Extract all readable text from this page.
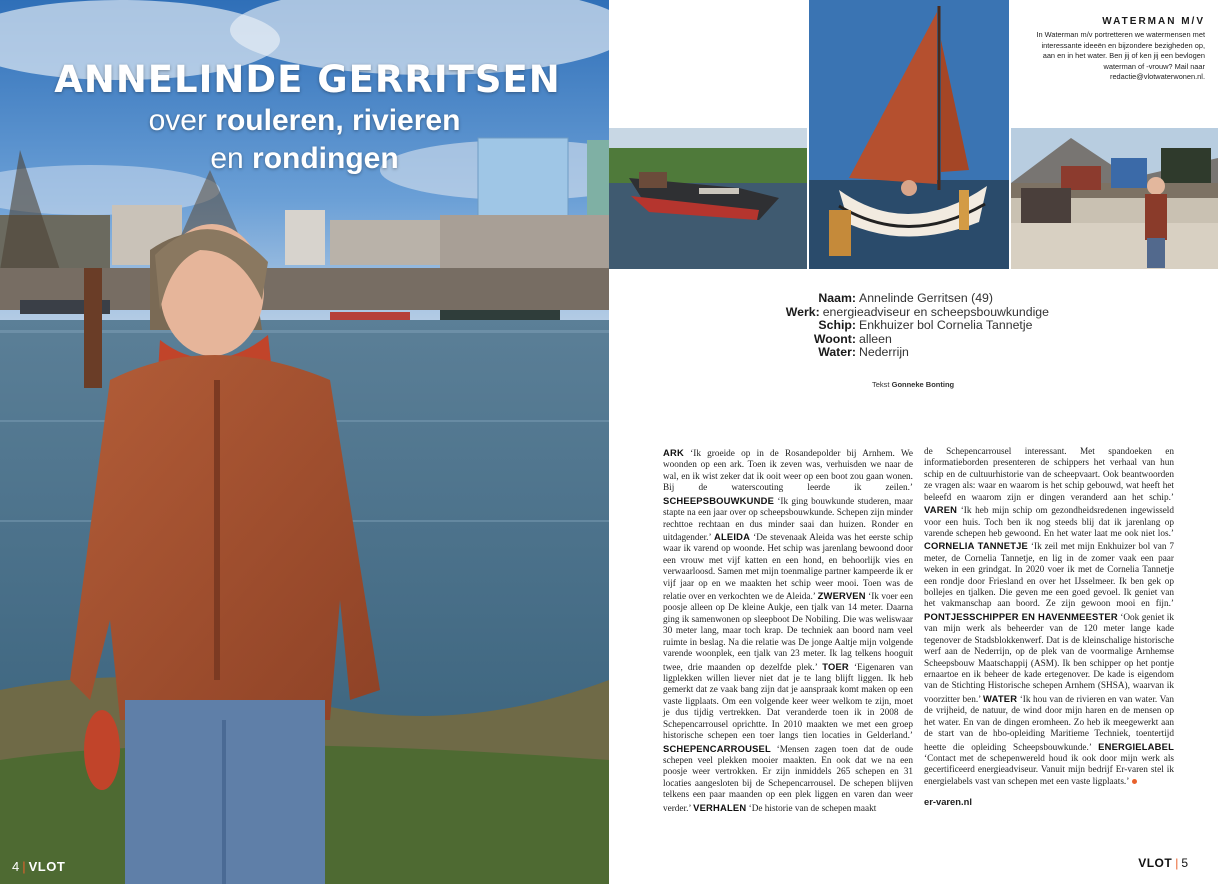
ANNELINDE GERRITSEN
over rouleren, rivieren
en rondingen
4 | VLOT
WATERMAN M/V
In Waterman m/v portretteren we watermensen met interessante ideeën en bijzondere bezigheden op, aan en in het water. Ben jij of ken jij een bevlogen waterman of -vrouw? Mail naar redactie@vlotwaterwonen.nl.
Naam: Annelinde Gerritsen (49)
Werk: energieadviseur en scheepsbouwkundige
Schip: Enkhuizer bol Cornelia Tannetje
Woont: alleen
Water: Nederrijn
Tekst Gonneke Bonting

ARK ‘Ik groeide op in de Rosandepolder bij Arnhem. We woonden op een ark. Toen ik zeven was, verhuisden we naar de wal, en ik wist zeker dat ik ooit weer op een boot zou gaan wonen. Bij de waterscouting leerde ik zeilen.’ SCHEEPSBOUWKUNDE ‘Ik ging bouwkunde studeren, maar stapte na een jaar over op scheepsbouwkunde. Schepen zijn minder rechttoe rechtaan en dus minder saai dan huizen. Ronder en uitdagender.’ ALEIDA ‘De stevenaak Aleida was het eerste schip waar ik varend op woonde. Het schip was jarenlang bewoond door een vrouw met vijf katten en een hond, en behoorlijk vies en verwaarloosd. Samen met mijn toenmalige partner kampeerde ik er vijf jaar op en we maakten het schip weer mooi. Toen was de relatie over en verkochten we de Aleida.’ ZWERVEN ‘Ik voer een poosje alleen op De kleine Aukje, een tjalk van 14 meter. Daarna ging ik samenwonen op sleepboot De Nobiling. Die was weliswaar 30 meter lang, maar toch krap. De techniek aan boord nam veel ruimte in beslag. Na die relatie was De jonge Aaltje mijn volgende varende woonplek, een tjalk van 23 meter. Ik lag telkens hooguit twee, drie maanden op dezelfde plek.’ TOER ‘Eigenaren van ligplekken willen liever niet dat je te lang blijft liggen. Ik heb gemerkt dat ze vaak bang zijn dat je aanspraak komt maken op een vaste ligplaats. Om een volgende keer weer welkom te zijn, moet je dus tijdig vertrekken. Dat veranderde toen ik in 2008 de Schepencarrousel oprichtte. In 2010 maakten we met een groep historische schepen een toer langs tien locaties in Gelderland.’ SCHEPENCARROUSEL ‘Mensen zagen toen dat de oude schepen veel plekken mooier maakten. En ook dat we na een poosje weer vertrokken. Er zijn inmiddels 265 schepen en 31 locaties aangesloten bij de Schepencarrousel. De schepen blijven telkens een paar maanden op een plek liggen en varen dan weer verder.’ VERHALEN ‘De historie van de schepen maakt

de Schepencarrousel interessant. Met spandoeken en informatieborden presenteren de schippers het verhaal van hun schip en de cultuurhistorie van de scheepvaart. Ook beantwoorden ze vragen als: waar en waarom is het schip gebouwd, wat heeft het beleefd en waarom zijn er dingen veranderd aan het schip.’ VAREN ‘Ik heb mijn schip om gezondheidsredenen ingewisseld voor een huis. Toch ben ik nog steeds blij dat ik jarenlang op varende schepen heb gewoond. En het water laat me ook niet los.’ CORNELIA TANNETJE ‘Ik zeil met mijn Enkhuizer bol van 7 meter, de Cornelia Tannetje, en lig in de zomer vaak een paar weken in een grindgat. In 2020 voer ik met de Cornelia Tannetje een rondje door Friesland en over het IJsselmeer. Ik ben gek op bollejes en tjalken. Die geven me een goed gevoel. Ik geniet van het vakmanschap aan boord. Ze zijn gewoon mooi en fijn.’ PONTJESSCHIPPER EN HAVENMEESTER ‘Ook geniet ik van mijn werk als beheerder van de 120 meter lange kade tegenover de Stadsblokkenwerf. Dat is de kleinschalige historische werf aan de Nederrijn, op de plek van de voormalige Arnhemse Scheepsbouw Maatschappij (ASM). Ik ben schipper op het pontje ernaartoe en ik beheer de kade ertegenover. De kade is eigendom van de Stichting Historische schepen Arnhem (SHSA), waarvan ik voorzitter ben.’ WATER ‘Ik hou van de rivieren en van water. Van de vrijheid, de natuur, de wind door mijn haren en de mensen op het water. En van de dingen eromheen. Zo heb ik meegewerkt aan de start van de hbo-opleiding Maritieme Techniek, toentertijd heette die opleiding Scheepsbouwkunde.’ ENERGIELABEL ‘Contact met de schepenwereld houd ik ook door mijn werk als gecertificeerd energieadviseur. Vanuit mijn bedrijf Er-varen stel ik energielabels vast van schepen met een vaste ligplaats.’

er-varen.nl
VLOT | 5
